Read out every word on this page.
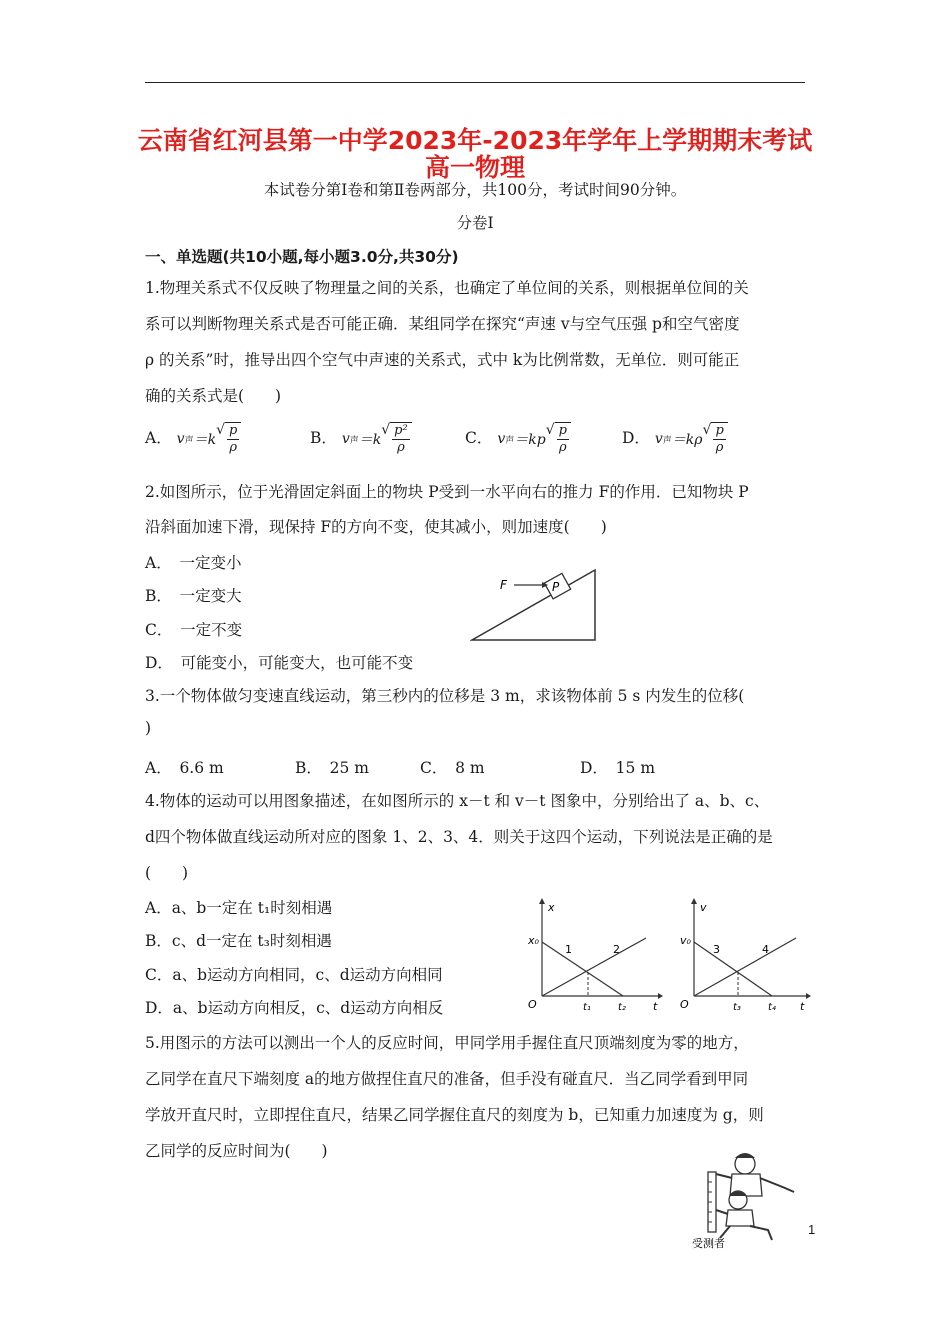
云南省红河县第一中学2023年-2023年学年上学期期末考试
高一物理
本试卷分第Ⅰ卷和第Ⅱ卷两部分，共100分，考试时间90分钟。
分卷Ⅰ
一、单选题(共10小题,每小题3.0分,共30分)
1.物理关系式不仅反映了物理量之间的关系，也确定了单位间的关系，则根据单位间的关
系可以判断物理关系式是否可能正确．某组同学在探究“声速 v与空气压强 p和空气密度
ρ 的关系”时，推导出四个空气中声速的关系式，式中 k为比例常数，无单位．则可能正
确的关系式是(　　)
A． v 声 ＝k
√ $\frac{p}{\rho}$	B． v 声 ＝k
√ $\frac{\text{p²}}{\rho}$	C． v 声 ＝kp
√ $\frac{p}{\rho}$	D． v 声 ＝kρ
√ $\frac{p}{\rho}$
2.如图所示，位于光滑固定斜面上的物块 P受到一水平向右的推力 F的作用．已知物块 P
沿斜面加速下滑，现保持 F的方向不变，使其减小，则加速度(　　)
A．　一定变小
B．　一定变大
C．　一定不变
D．　可能变小，可能变大，也可能不变
P
F
3.一个物体做匀变速直线运动，第三秒内的位移是 3 m，求该物体前 5 s 内发生的位移(
)
A．　6.6 m	B．　25 m	C．　8 m	D．　15 m
4.物体的运动可以用图象描述，在如图所示的 x－t 和 v－t 图象中，分别给出了 a、b、c、
d四个物体做直线运动所对应的图象 1、2、3、4．则关于这四个运动，下列说法是正确的是
(　　)
A．a、b一定在 t₁时刻相遇
B．c、d一定在 t₃时刻相遇
C．a、b运动方向相同，c、d运动方向相同
D．a、b运动方向相反，c、d运动方向相反
x
t
O
x₀
1	2
t₁	t₂
v
t
O
v₀
3	4
t₃	t₄
5.用图示的方法可以测出一个人的反应时间，甲同学用手握住直尺顶端刻度为零的地方，
乙同学在直尺下端刻度 a的地方做捏住直尺的准备，但手没有碰直尺．当乙同学看到甲同
学放开直尺时，立即捏住直尺，结果乙同学握住直尺的刻度为 b，已知重力加速度为 g，则
乙同学的反应时间为(　　)
受测者
1
